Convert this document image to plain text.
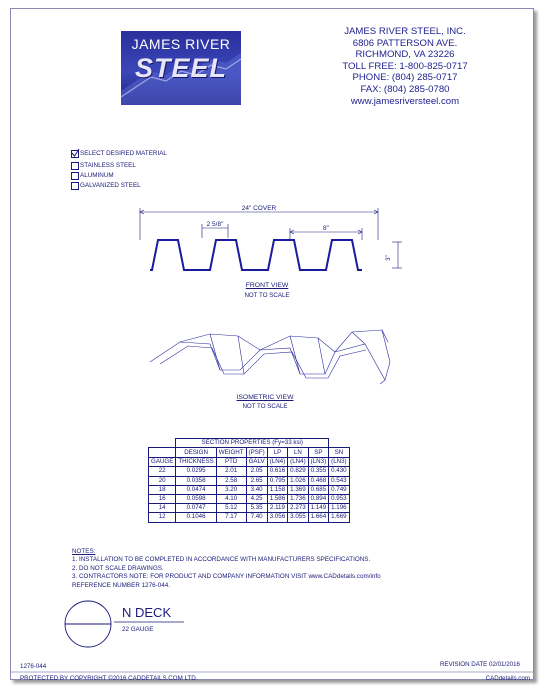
JAMES RIVER
STEEL
JAMES RIVER STEEL, INC.
6806 PATTERSON AVE.
RICHMOND, VA 23226
TOLL FREE: 1-800-825-0717
PHONE: (804) 285-0717
FAX: (804) 285-0780
www.jamesriversteel.com
SELECT DESIRED MATERIAL
STAINLESS STEEL
ALUMINUM
GALVANIZED STEEL
24" COVER
2 5/8"
8"
3"
FRONT VIEW
NOT TO SCALE
ISOMETRIC VIEW
NOT TO SCALE
	SECTION PROPERTIES (Fy=33 ksi)						
	DESIGN	WEIGHT	(PSF)	LP	LN	SP	SN
GAUGE	THICKNESS	PTD	GALV	(LN4)	(LN4)	(LN3)	(LN3)
22	0.0295	2.01	2.05	0.616	0.829	0.355	0.430
20	0.0358	2.58	2.65	0.795	1.026	0.468	0.543
18	0.0474	3.20	3.40	1.158	1.369	0.685	0.749
16	0.0598	4.10	4.25	1.586	1.736	0.894	0.953
14	0.0747	5.12	5.35	2.119	2.273	1.149	1.196
12	0.1046	7.17	7.40	3.056	3.055	1.664	1.669
NOTES:
1. INSTALLATION TO BE COMPLETED IN ACCORDANCE WITH MANUFACTURERS SPECIFICATIONS.
2. DO NOT SCALE DRAWINGS.
3. CONTRACTORS NOTE: FOR PRODUCT AND COMPANY INFORMATION VISIT www.CADdetails.com/info
REFERENCE NUMBER 1276-044.
N DECK
22 GAUGE
1276-044	REVISION DATE 02/01/2016
PROTECTED BY COPYRIGHT ©2016 CADDETAILS.COM LTD.	CADdetails.com
